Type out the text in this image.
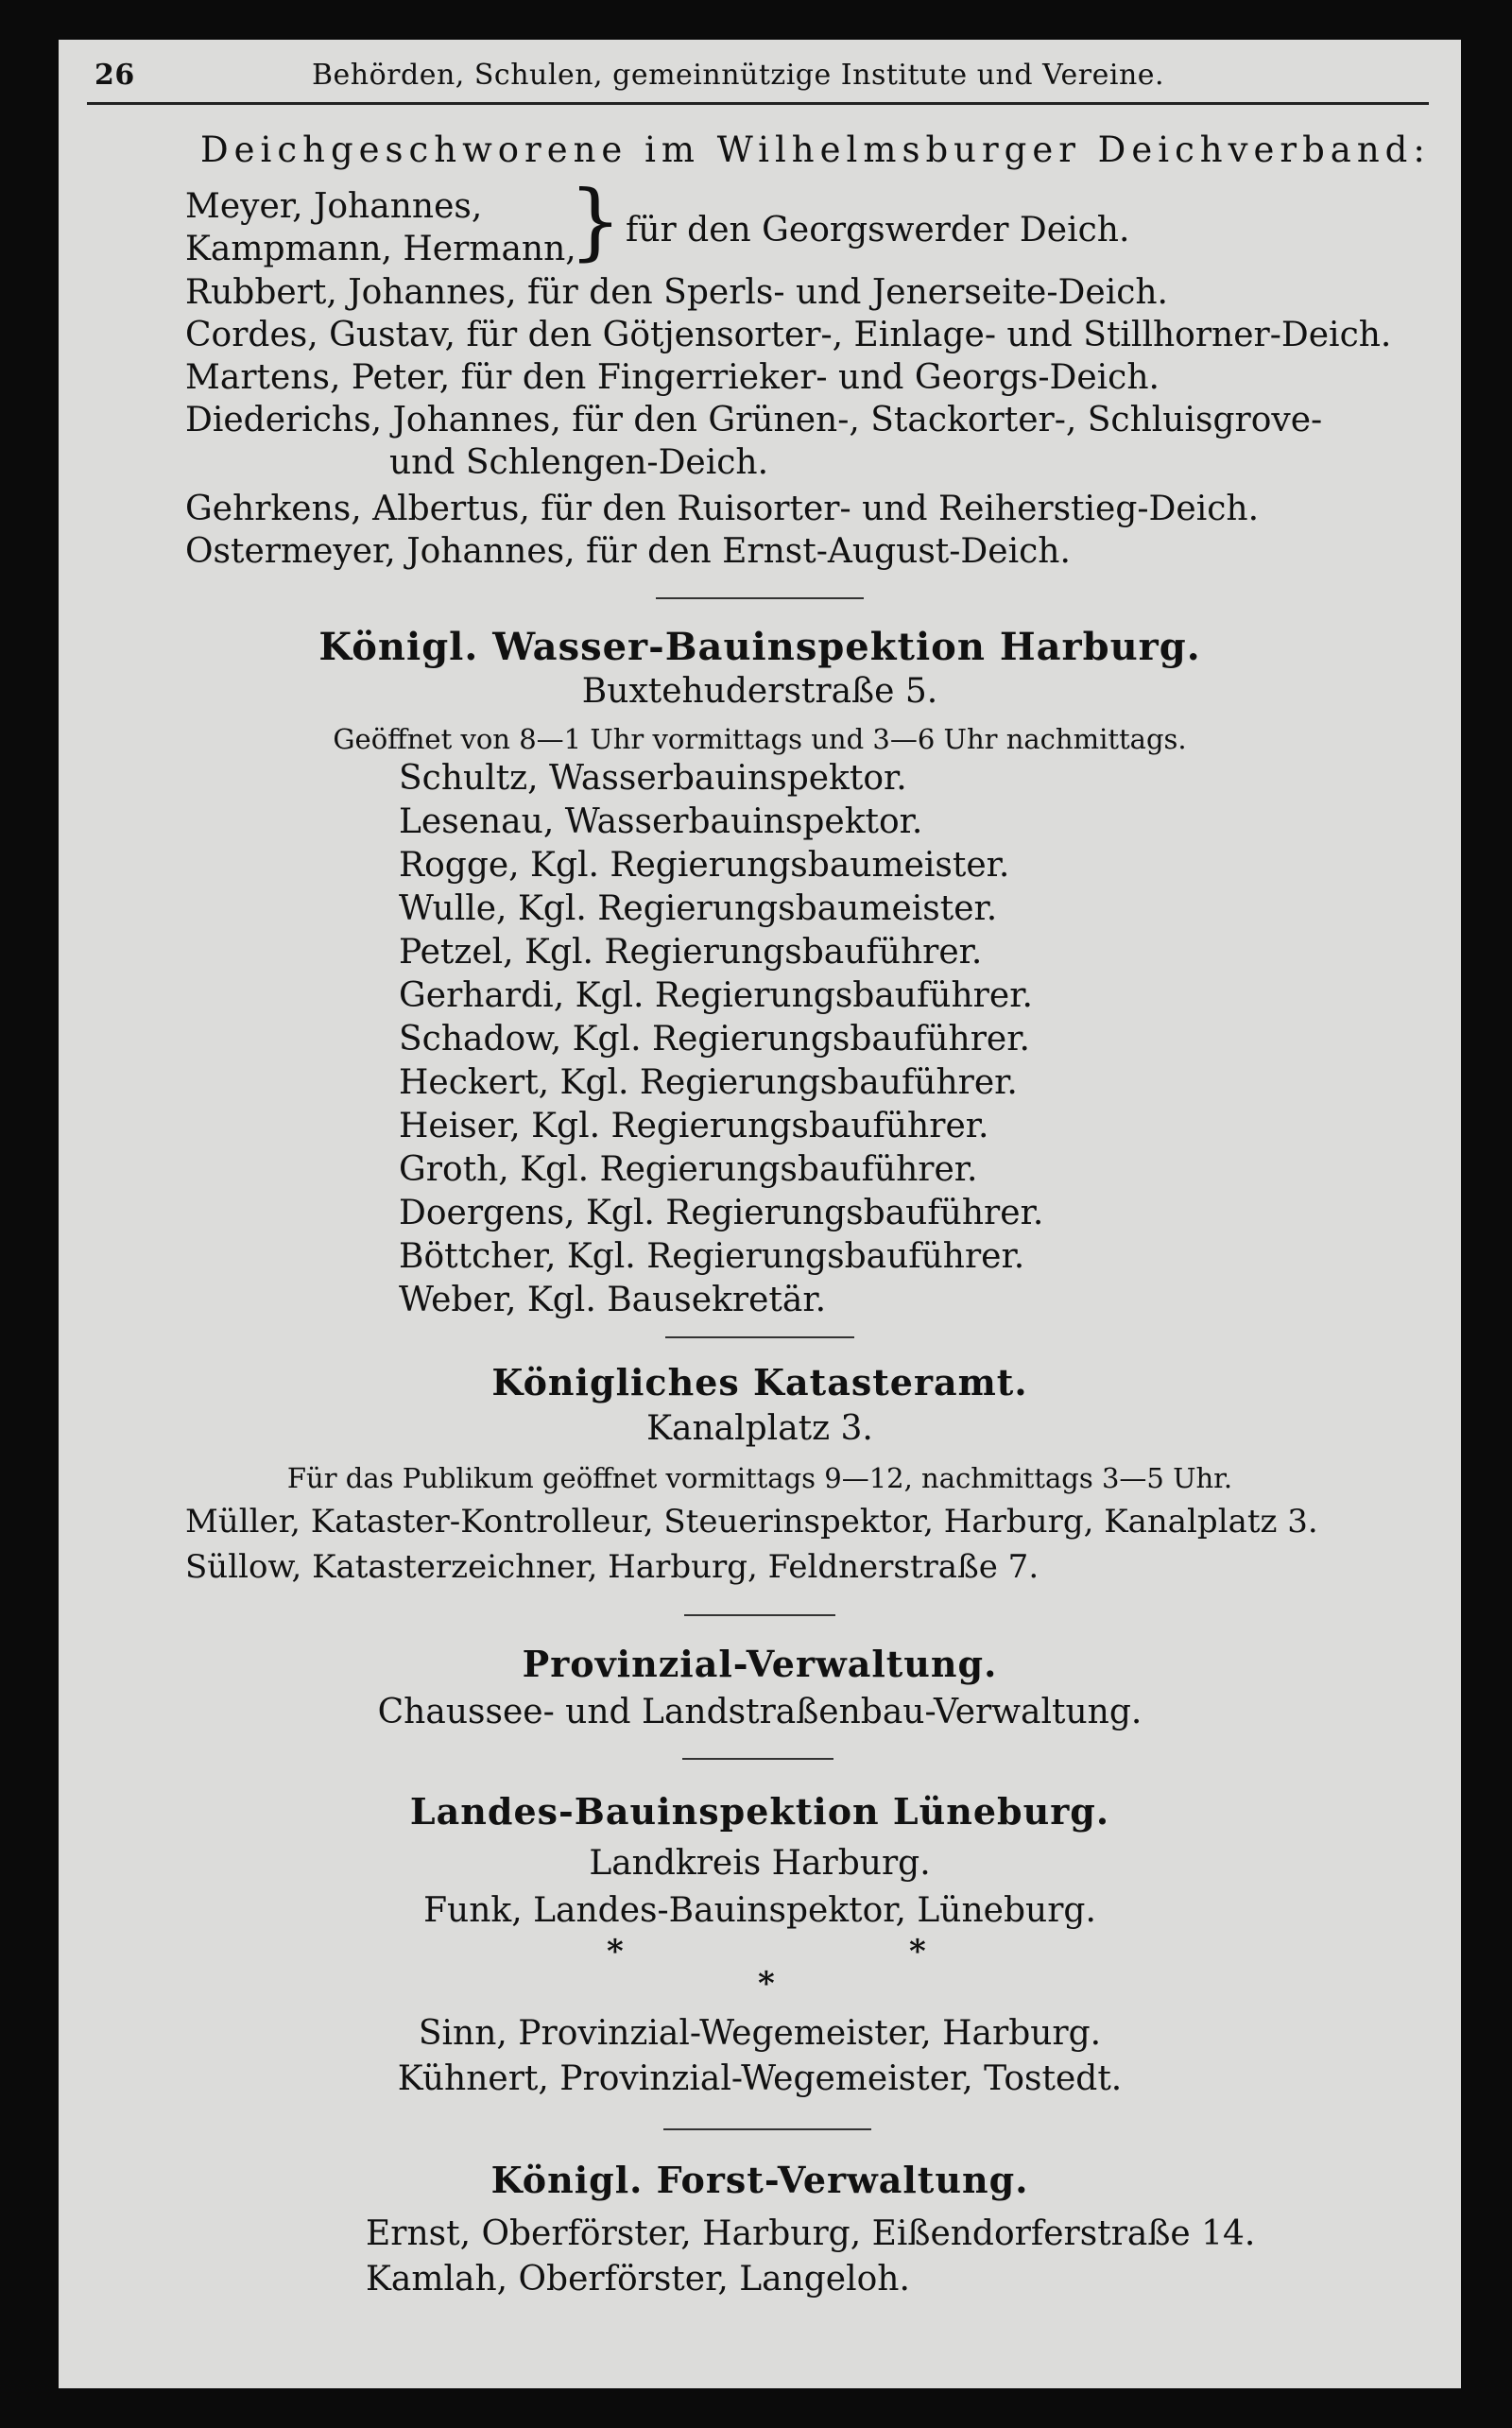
26	Behörden, Schulen, gemeinnützige Institute und Vereine.
Deichgeschworene im Wilhelmsburger Deichverband:
Meyer, Johannes,
Kampmann, Hermann,
} für den Georgswerder Deich.
Rubbert, Johannes, für den Sperls- und Jenerseite-Deich.
Cordes, Gustav, für den Götjensorter-, Einlage- und Stillhorner-Deich.
Martens, Peter, für den Fingerrieker- und Georgs-Deich.
Diederichs, Johannes, für den Grünen-, Stackorter-, Schluisgrove-
und Schlengen-Deich.
Gehrkens, Albertus, für den Ruisorter- und Reiherstieg-Deich.
Ostermeyer, Johannes, für den Ernst-August-Deich.
Königl. Wasser-Bauinspektion Harburg.
Buxtehuderstraße 5.
Geöffnet von 8—1 Uhr vormittags und 3—6 Uhr nachmittags.
Schultz, Wasserbauinspektor.
Lesenau, Wasserbauinspektor.
Rogge, Kgl. Regierungsbaumeister.
Wulle, Kgl. Regierungsbaumeister.
Petzel, Kgl. Regierungsbauführer.
Gerhardi, Kgl. Regierungsbauführer.
Schadow, Kgl. Regierungsbauführer.
Heckert, Kgl. Regierungsbauführer.
Heiser, Kgl. Regierungsbauführer.
Groth, Kgl. Regierungsbauführer.
Doergens, Kgl. Regierungsbauführer.
Böttcher, Kgl. Regierungsbauführer.
Weber, Kgl. Bausekretär.
Königliches Katasteramt.
Kanalplatz 3.
Für das Publikum geöffnet vormittags 9—12, nachmittags 3—5 Uhr.
Müller, Kataster-Kontrolleur, Steuerinspektor, Harburg, Kanalplatz 3.
Süllow, Katasterzeichner, Harburg, Feldnerstraße 7.
Provinzial-Verwaltung.
Chaussee- und Landstraßenbau-Verwaltung.
Landes-Bauinspektion Lüneburg.
Landkreis Harburg.
Funk, Landes-Bauinspektor, Lüneburg.
*	*
*
Sinn, Provinzial-Wegemeister, Harburg.
Kühnert, Provinzial-Wegemeister, Tostedt.
Königl. Forst-Verwaltung.
Ernst, Oberförster, Harburg, Eißendorferstraße 14.
Kamlah, Oberförster, Langeloh.
